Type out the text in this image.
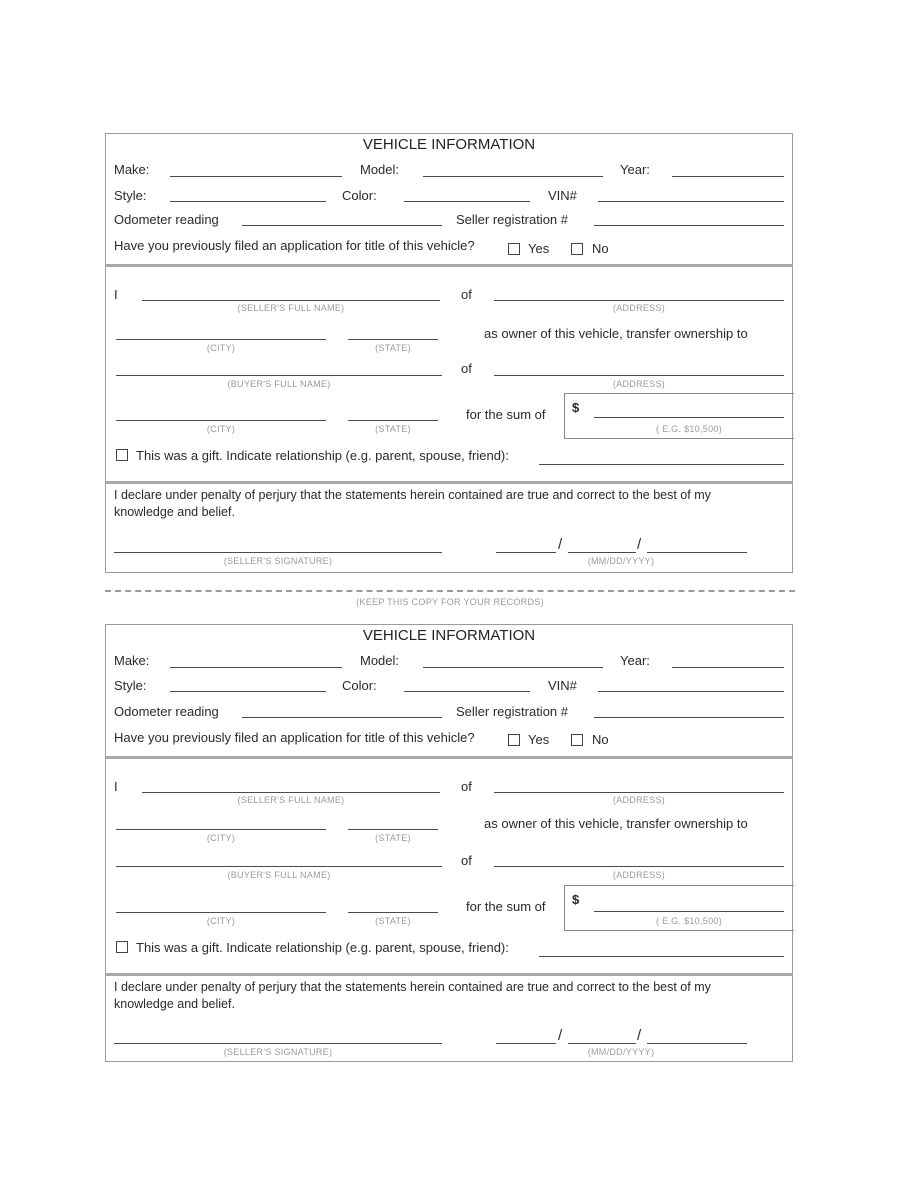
VEHICLE INFORMATION
Make:	Model:	Year:
Style:	Color:	VIN#
Odometer reading	Seller registration #
Have you previously filed an application for title of this vehicle?	Yes	No
I
(SELLER'S FULL NAME)
of
(ADDRESS)
(CITY)	(STATE)
as owner of this vehicle, transfer ownership to
(BUYER'S FULL NAME)
of
(ADDRESS)
(CITY)	(STATE)
for the sum of $
( E.G. $10,500)
This was a gift. Indicate relationship (e.g. parent, spouse, friend):
I declare under penalty of perjury that the statements herein contained are true and correct to the best of my knowledge and belief.
(SELLER'S SIGNATURE)
/	/
(MM/DD/YYYY)
(KEEP THIS COPY FOR YOUR RECORDS)
VEHICLE INFORMATION
Make:	Model:	Year:
Style:	Color:	VIN#
Odometer reading	Seller registration #
Have you previously filed an application for title of this vehicle?	Yes	No
I
(SELLER'S FULL NAME)
of
(ADDRESS)
(CITY)	(STATE)
as owner of this vehicle, transfer ownership to
(BUYER'S FULL NAME)
of
(ADDRESS)
(CITY)	(STATE)
for the sum of $
( E.G. $10,500)
This was a gift. Indicate relationship (e.g. parent, spouse, friend):
I declare under penalty of perjury that the statements herein contained are true and correct to the best of my knowledge and belief.
(SELLER'S SIGNATURE)
/	/
(MM/DD/YYYY)
